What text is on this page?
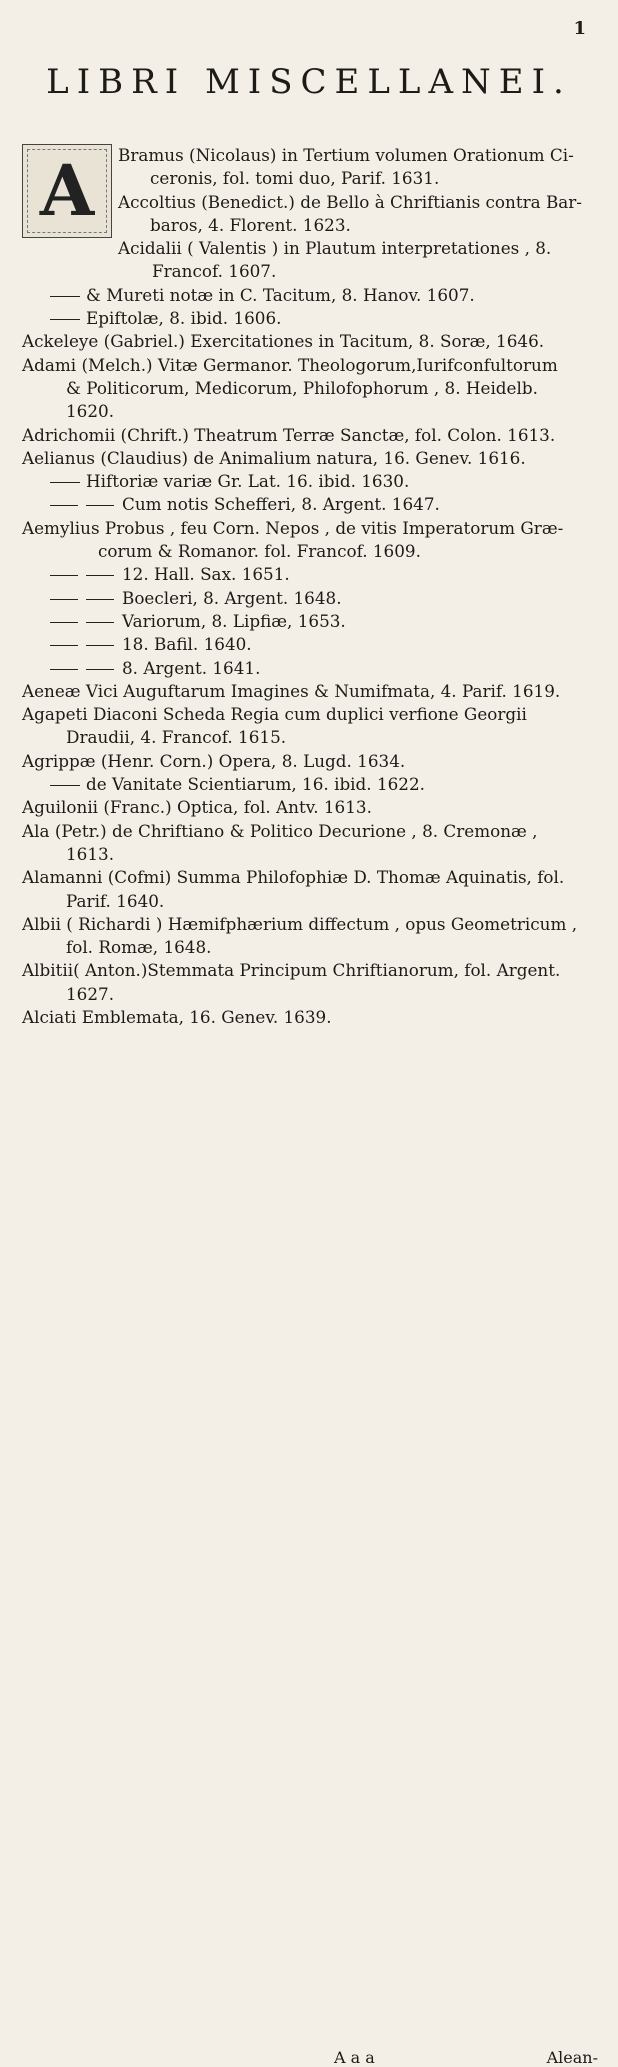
1
LIBRI MISCELLANEI.
A	Bramus (Nicolaus) in Tertium volumen Orationum Ci-
ceronis, fol. tomi duo, Parif. 1631.
Accoltius (Benedict.) de Bello à Chriftianis contra Bar-
baros, 4. Florent. 1623.
Acidalii ( Valentis ) in Plautum interpretationes , 8.
Francof. 1607.
& Mureti notæ in C. Tacitum, 8. Hanov. 1607.
Epiftolæ, 8. ibid. 1606.
Ackeleye (Gabriel.) Exercitationes in Tacitum, 8. Soræ, 1646.
Adami (Melch.) Vitæ Germanor. Theologorum,Iurifconfultorum
& Politicorum, Medicorum, Philofophorum , 8. Heidelb.
1620.
Adrichomii (Chrift.) Theatrum Terræ Sanctæ, fol. Colon. 1613.
Aelianus (Claudius) de Animalium natura, 16. Genev. 1616.
Hiftoriæ variæ Gr. Lat. 16. ibid. 1630.
Cum notis Schefferi, 8. Argent. 1647.
Aemylius Probus , feu Corn. Nepos , de vitis Imperatorum Græ-
corum & Romanor. fol. Francof. 1609.
12. Hall. Sax. 1651.
Boecleri, 8. Argent. 1648.
Variorum, 8. Lipfiæ, 1653.
18. Bafil. 1640.
8. Argent. 1641.
Aeneæ Vici Auguftarum Imagines & Numifmata, 4. Parif. 1619.
Agapeti Diaconi Scheda Regia cum duplici verfione Georgii
Draudii, 4. Francof. 1615.
Agrippæ (Henr. Corn.) Opera, 8. Lugd. 1634.
de Vanitate Scientiarum, 16. ibid. 1622.
Aguilonii (Franc.) Optica, fol. Antv. 1613.
Ala (Petr.) de Chriftiano & Politico Decurione , 8. Cremonæ ,
1613.
Alamanni (Cofmi) Summa Philofophiæ D. Thomæ Aquinatis, fol.
Parif. 1640.
Albii ( Richardi ) Hæmifphærium diffectum , opus Geometricum ,
fol. Romæ, 1648.
Albitii( Anton.)Stemmata Principum Chriftianorum, fol. Argent.
1627.
Alciati Emblemata, 16. Genev. 1639.
A a a	Alean-
